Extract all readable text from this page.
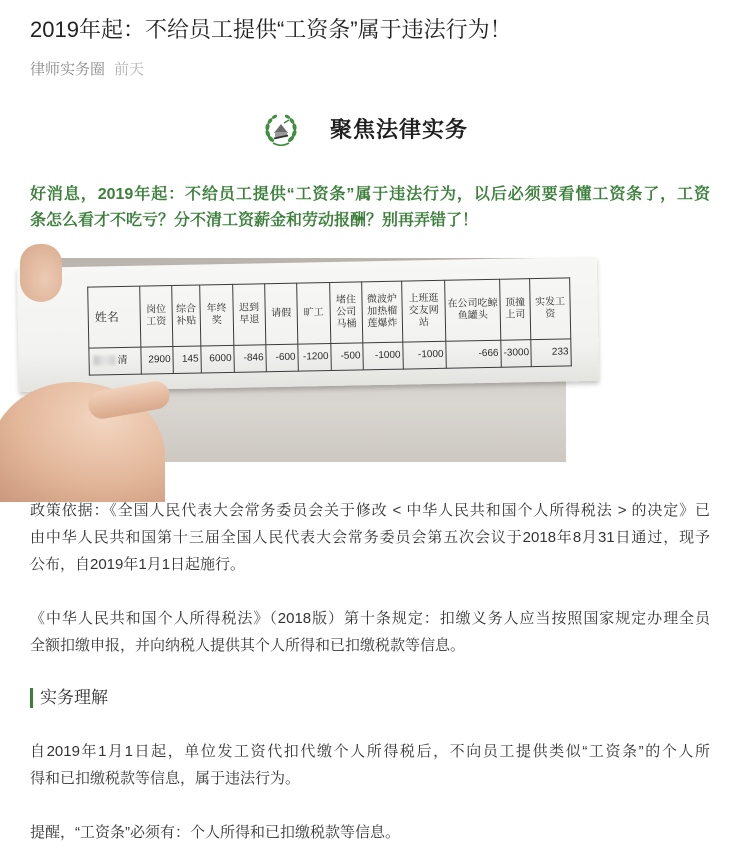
2019年起：不给员工提供“工资条”属于违法行为！
律师实务圈 前天
聚焦法律实务
好消息，2019年起：不给员工提供“工资条”属于违法行为，以后必须要看懂工资条了，工资
条怎么看才不吃亏？分不清工资薪金和劳动报酬？别再弄错了！
姓名	岗位工资	综合补贴	年终奖	迟到早退	请假	旷工	堵住公司马桶	微波炉加热榴莲爆炸	上班逛交友网站	在公司吃鲸鱼罐头	顶撞上司	实发工资
清	2900	145	6000	-846	-600	-1200	-500	-1000	-1000	-666	-3000	233
政策依据：《全国人民代表大会常务委员会关于修改 < 中华人民共和国个人所得税法 > 的决定》已
由中华人民共和国第十三届全国人民代表大会常务委员会第五次会议于2018年8月31日通过，现予
公布，自2019年1月1日起施行。
《中华人民共和国个人所得税法》（2018版）第十条规定：扣缴义务人应当按照国家规定办理全员
全额扣缴申报，并向纳税人提供其个人所得和已扣缴税款等信息。
实务理解
自2019年1月1日起，单位发工资代扣代缴个人所得税后，不向员工提供类似“工资条”的个人所
得和已扣缴税款等信息，属于违法行为。
提醒，“工资条”必须有：个人所得和已扣缴税款等信息。
